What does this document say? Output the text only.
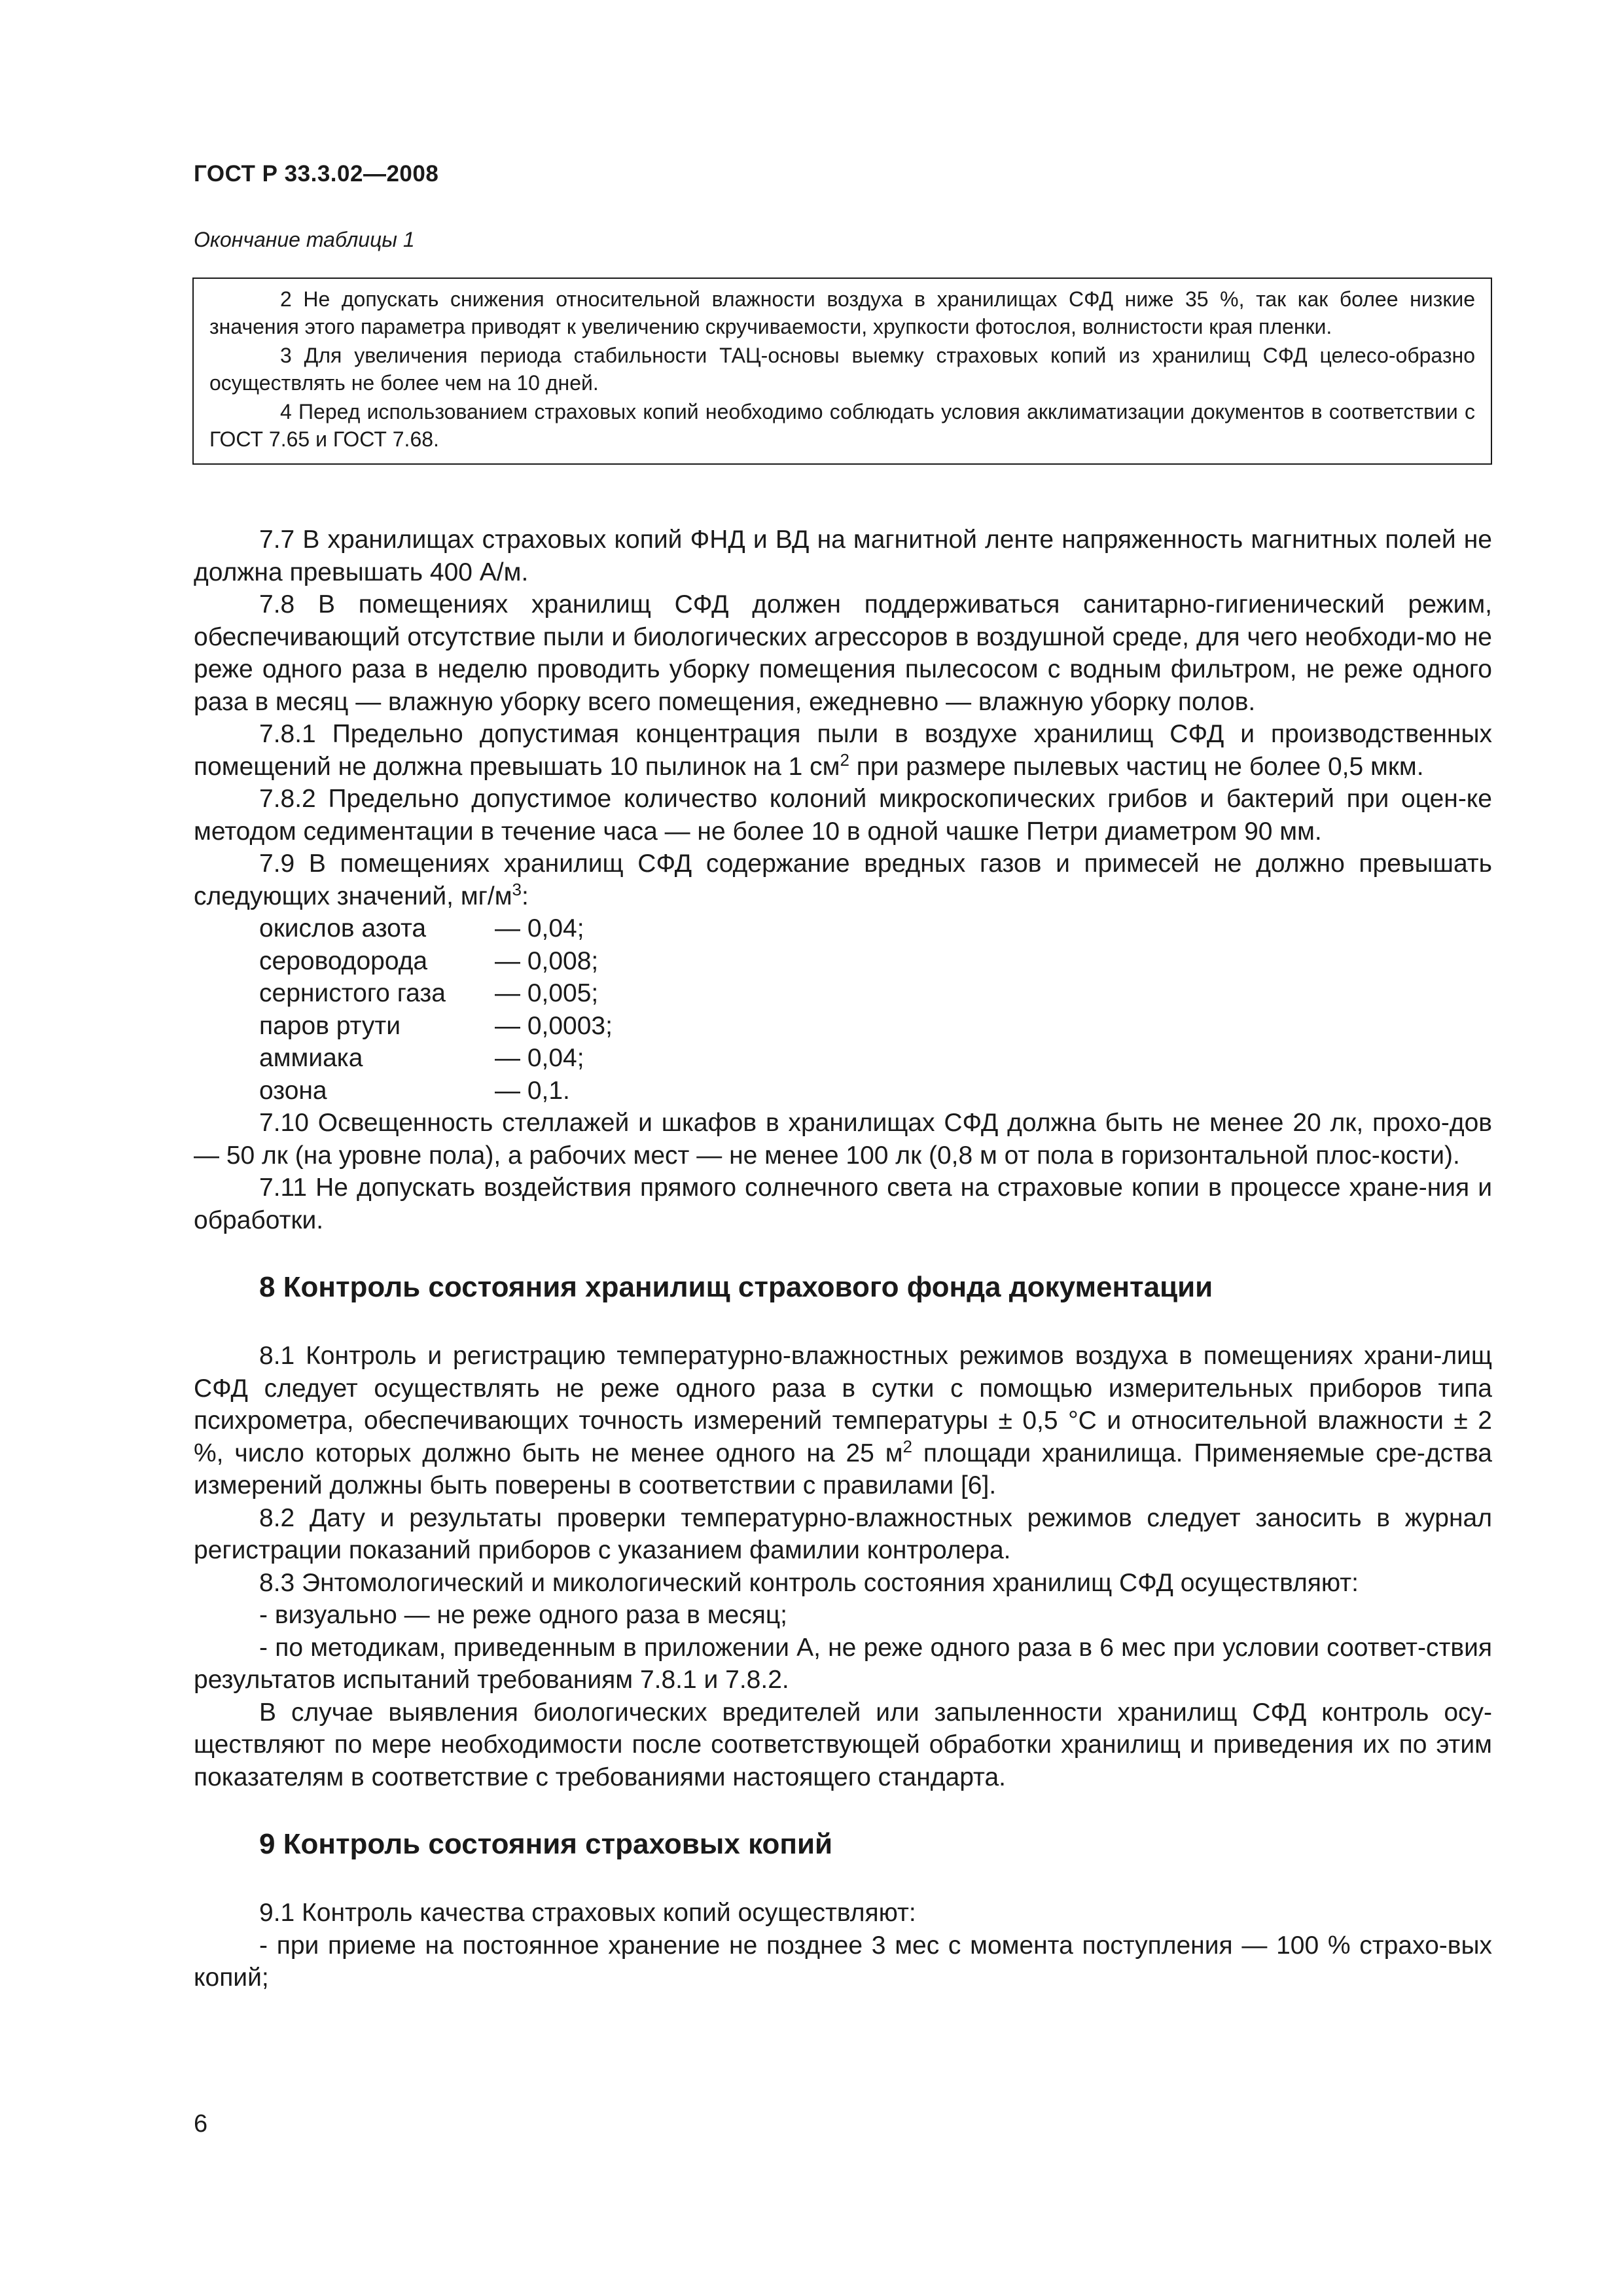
ГОСТ Р 33.3.02—2008
Окончание таблицы 1

2 Не допускать снижения относительной влажности воздуха в хранилищах СФД ниже 35 %, так как более низкие значения этого параметра приводят к увеличению скручиваемости, хрупкости фотослоя, волнистости края пленки.

3 Для увеличения периода стабильности ТАЦ-основы выемку страховых копий из хранилищ СФД целесо-образно осуществлять не более чем на 10 дней.

4 Перед использованием страховых копий необходимо соблюдать условия акклиматизации документов в соответствии с ГОСТ 7.65 и ГОСТ 7.68.

7.7 В хранилищах страховых копий ФНД и ВД на магнитной ленте напряженность магнитных полей не должна превышать 400 А/м.

7.8 В помещениях хранилищ СФД должен поддерживаться санитарно-гигиенический режим, обеспечивающий отсутствие пыли и биологических агрессоров в воздушной среде, для чего необходи-мо не реже одного раза в неделю проводить уборку помещения пылесосом с водным фильтром, не реже одного раза в месяц — влажную уборку всего помещения, ежедневно — влажную уборку полов.

7.8.1 Предельно допустимая концентрация пыли в воздухе хранилищ СФД и производственных помещений не должна превышать 10 пылинок на 1 $см^2$ при размере пылевых частиц не более 0,5 мкм.

7.8.2 Предельно допустимое количество колоний микроскопических грибов и бактерий при оцен-ке методом седиментации в течение часа — не более 10 в одной чашке Петри диаметром 90 мм.

7.9 В помещениях хранилищ СФД содержание вредных газов и примесей не должно превышать следующих значений, $мг/м^3$:

окислов азота	— 0,04;
сероводорода	— 0,008;
сернистого газа	— 0,005;
паров ртути	— 0,0003;
аммиака	— 0,04;
озона	— 0,1.

7.10 Освещенность стеллажей и шкафов в хранилищах СФД должна быть не менее 20 лк, прохо-дов — 50 лк (на уровне пола), а рабочих мест — не менее 100 лк (0,8 м от пола в горизонтальной плос-кости).

7.11 Не допускать воздействия прямого солнечного света на страховые копии в процессе хране-ния и обработки.

8 Контроль состояния хранилищ страхового фонда документации

8.1 Контроль и регистрацию температурно-влажностных режимов воздуха в помещениях храни-лищ СФД следует осуществлять не реже одного раза в сутки с помощью измерительных приборов типа психрометра, обеспечивающих точность измерений температуры ± 0,5 °С и относительной влажности ± 2 %, число которых должно быть не менее одного на 25 $м^2$ площади хранилища. Применяемые сре-дства измерений должны быть поверены в соответствии с правилами [6].

8.2 Дату и результаты проверки температурно-влажностных режимов следует заносить в журнал регистрации показаний приборов с указанием фамилии контролера.

8.3 Энтомологический и микологический контроль состояния хранилищ СФД осуществляют:

- визуально — не реже одного раза в месяц;

- по методикам, приведенным в приложении А, не реже одного раза в 6 мес при условии соответ-ствия результатов испытаний требованиям 7.8.1 и 7.8.2.

В случае выявления биологических вредителей или запыленности хранилищ СФД контроль осу-ществляют по мере необходимости после соответствующей обработки хранилищ и приведения их по этим показателям в соответствие с требованиями настоящего стандарта.

9 Контроль состояния страховых копий

9.1 Контроль качества страховых копий осуществляют:

- при приеме на постоянное хранение не позднее 3 мес с момента поступления — 100 % страхо-вых копий;

6
